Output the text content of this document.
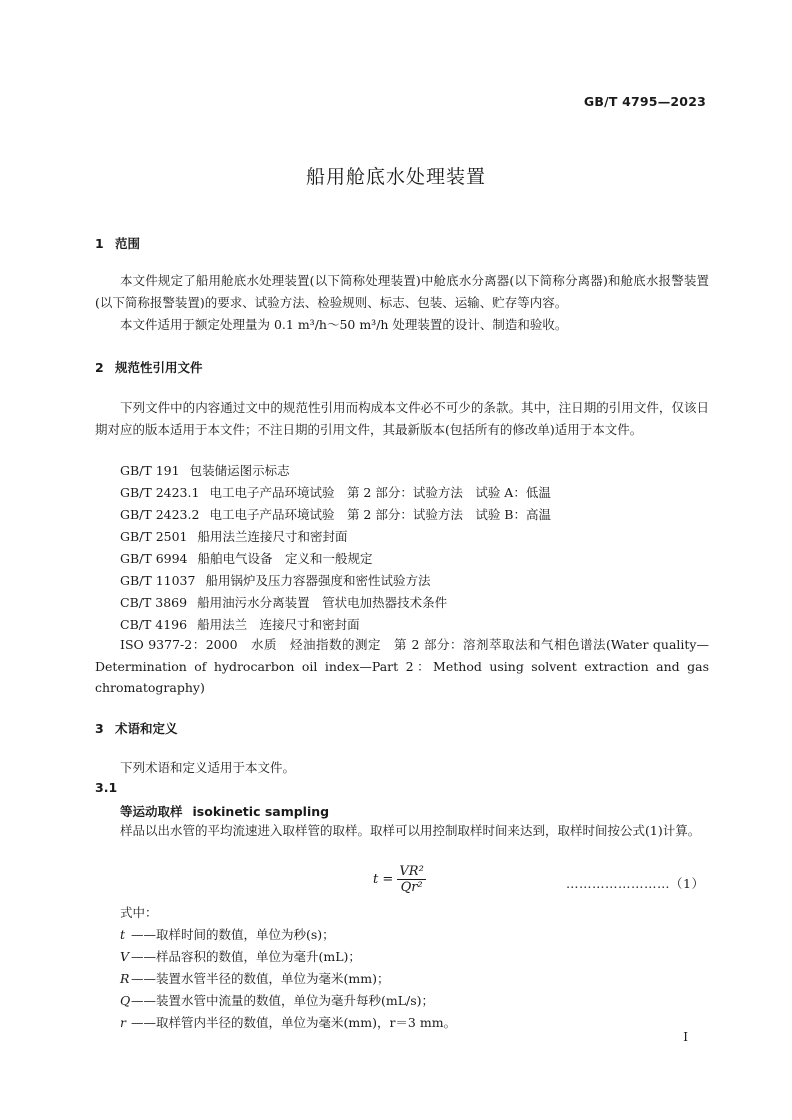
GB/T 4795—2023
船用舱底水处理装置
1 范围
本文件规定了船用舱底水处理装置(以下简称处理装置)中舱底水分离器(以下简称分离器)和舱底水报警装置(以下简称报警装置)的要求、试验方法、检验规则、标志、包装、运输、贮存等内容。
本文件适用于额定处理量为 0.1 m³/h～50 m³/h 处理装置的设计、制造和验收。
2 规范性引用文件
下列文件中的内容通过文中的规范性引用而构成本文件必不可少的条款。其中，注日期的引用文件，仅该日期对应的版本适用于本文件；不注日期的引用文件，其最新版本(包括所有的修改单)适用于本文件。
GB/T 191 包装储运图示标志
GB/T 2423.1 电工电子产品环境试验　第 2 部分：试验方法　试验 A：低温
GB/T 2423.2 电工电子产品环境试验　第 2 部分：试验方法　试验 B：高温
GB/T 2501 船用法兰连接尺寸和密封面
GB/T 6994 船舶电气设备　定义和一般规定
GB/T 11037 船用锅炉及压力容器强度和密性试验方法
CB/T 3869 船用油污水分离装置　管状电加热器技术条件
CB/T 4196 船用法兰　连接尺寸和密封面
ISO 9377-2：2000　水质　烃油指数的测定　第 2 部分：溶剂萃取法和气相色谱法(Water quality—Determination of hydrocarbon oil index—Part 2：Method using solvent extraction and gas chromatography)
3 术语和定义
下列术语和定义适用于本文件。
3.1
等运动取样 isokinetic sampling
样品以出水管的平均流速进入取样管的取样。取样可以用控制取样时间来达到，取样时间按公式(1)计算。
$t = \frac{\text{VR²}}{\text{Qr²}}$	……………………（1）
式中：
t ——取样时间的数值，单位为秒(s)；
V ——样品容积的数值，单位为毫升(mL)；
R ——装置水管半径的数值，单位为毫米(mm)；
Q——装置水管中流量的数值，单位为毫升每秒(mL/s)；
r ——取样管内半径的数值，单位为毫米(mm)，r＝3 mm。
I
